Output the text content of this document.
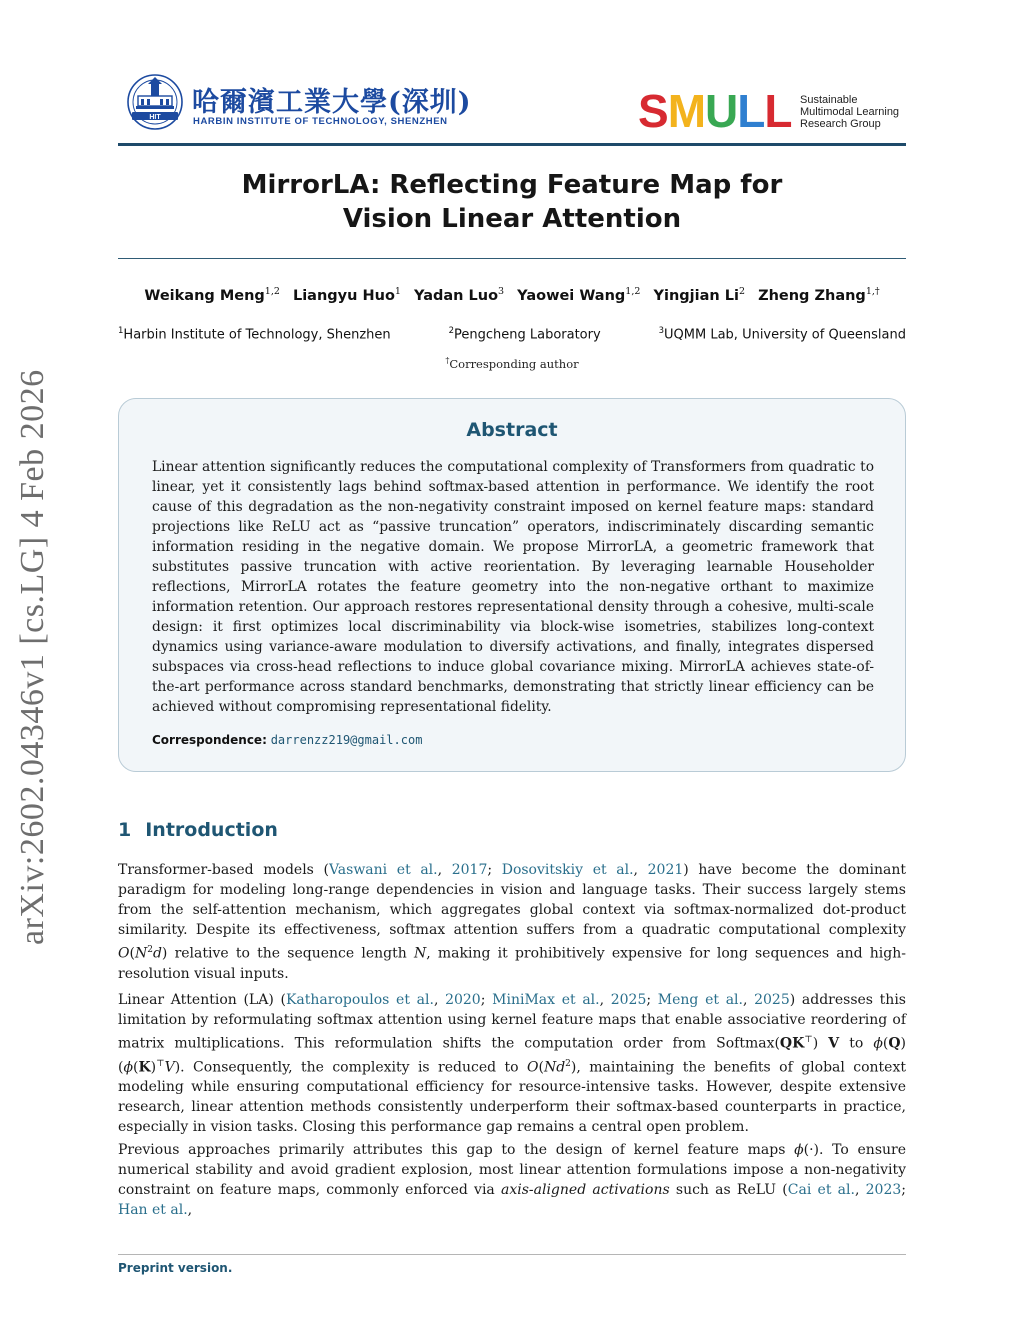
arXiv:2602.04346v1 [cs.LG] 4 Feb 2026
HIT 哈爾濱工業大學(深圳)
HARBIN INSTITUTE OF TECHNOLOGY, SHENZHEN	SMULL Sustainable
Multimodal Learning
Research Group
MirrorLA: Reflecting Feature Map for
Vision Linear Attention
Weikang Meng$^{1,2}$ Liangyu Huo$^1$ Yadan Luo$^3$ Yaowei Wang$^{1,2}$ Yingjian Li$^2$ Zheng Zhang$^{1,\dagger}$
$^1$Harbin Institute of Technology, Shenzhen	$^2$Pengcheng Laboratory	$^3$UQMM Lab, University of Queensland
†Corresponding author
Abstract
Linear attention significantly reduces the computational complexity of Transformers from quadratic to linear, yet it consistently lags behind softmax-based attention in performance. We identify the root cause of this degradation as the non-negativity constraint imposed on kernel feature maps: standard projections like ReLU act as “passive truncation” operators, indiscriminately discarding semantic information residing in the negative domain. We propose MirrorLA, a geometric framework that substitutes passive truncation with active reorientation. By leveraging learnable Householder reflections, MirrorLA rotates the feature geometry into the non-negative orthant to maximize information retention. Our approach restores representational density through a cohesive, multi-scale design: it first optimizes local discriminability via block-wise isometries, stabilizes long-context dynamics using variance-aware modulation to diversify activations, and finally, integrates dispersed subspaces via cross-head reflections to induce global covariance mixing. MirrorLA achieves state-of-the-art performance across standard benchmarks, demonstrating that strictly linear efficiency can be achieved without compromising representational fidelity.
Correspondence: darrenzz219@gmail.com
1 Introduction
Transformer-based models (Vaswani et al., 2017; Dosovitskiy et al., 2021) have become the dominant paradigm for modeling long-range dependencies in vision and language tasks. Their success largely stems from the self-attention mechanism, which aggregates global context via softmax-normalized dot-product similarity. Despite its effectiveness, softmax attention suffers from a quadratic computational complexity $O(N^2d)$ relative to the sequence length N, making it prohibitively expensive for long sequences and high-resolution visual inputs.
Linear Attention (LA) (Katharopoulos et al., 2020; MiniMax et al., 2025; Meng et al., 2025) addresses this limitation by reformulating softmax attention using kernel feature maps that enable associative reordering of matrix multiplications. This reformulation shifts the computation order from Softmax(QK⊤) V to ϕ(Q) (ϕ(K)⊤V). Consequently, the complexity is reduced to O(Nd$^2$), maintaining the benefits of global context modeling while ensuring computational efficiency for resource-intensive tasks. However, despite extensive research, linear attention methods consistently underperform their softmax-based counterparts in practice, especially in vision tasks. Closing this performance gap remains a central open problem.
Previous approaches primarily attributes this gap to the design of kernel feature maps ϕ(·). To ensure numerical stability and avoid gradient explosion, most linear attention formulations impose a non-negativity constraint on feature maps, commonly enforced via axis-aligned activations such as ReLU (Cai et al., 2023; Han et al.,
Preprint version.
